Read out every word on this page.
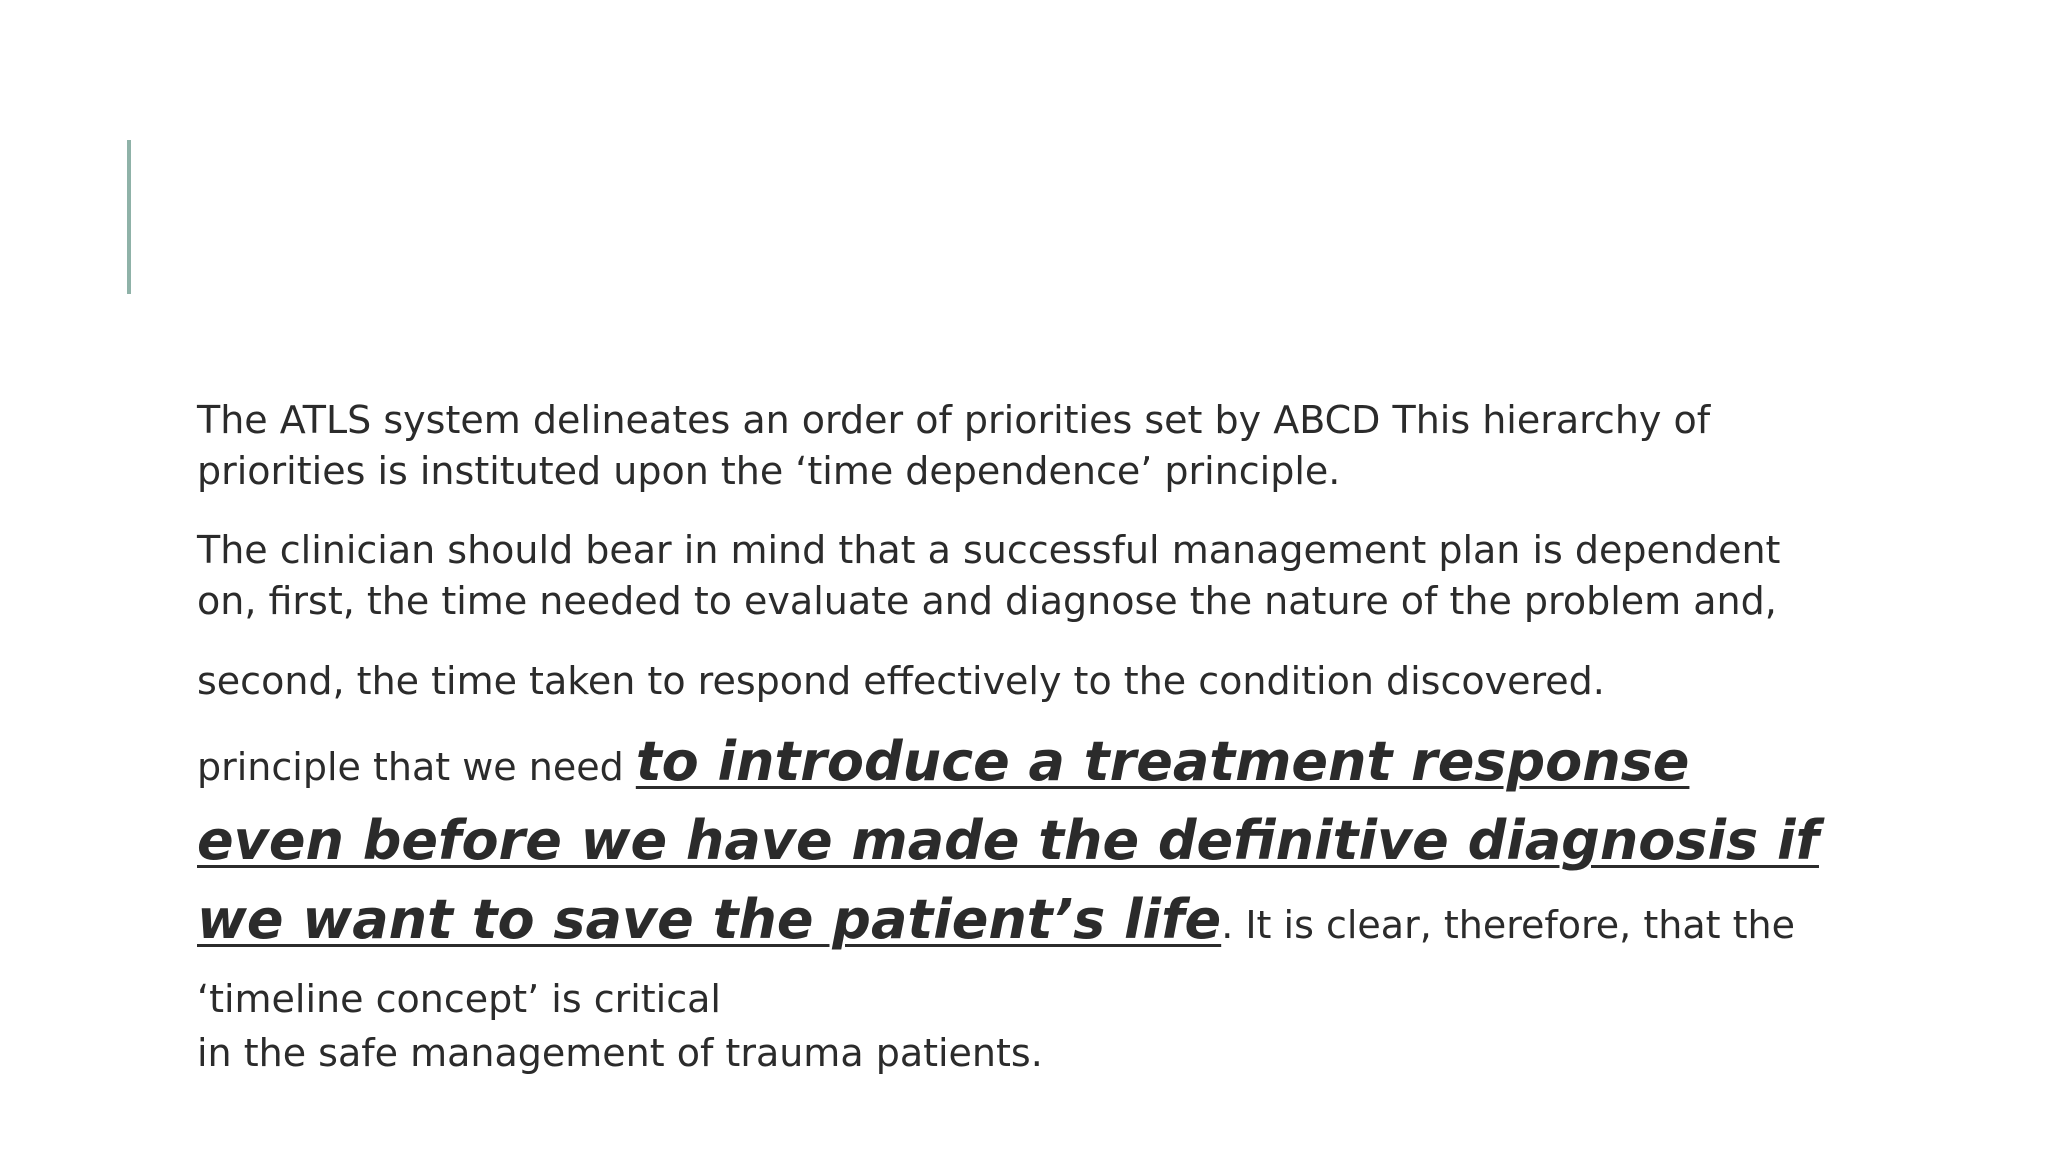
The ATLS system delineates an order of priorities set by ABCD This hierarchy of priorities is instituted upon the ‘time dependence’ principle.

The clinician should bear in mind that a successful management plan is dependent on, first, the time needed to evaluate and diagnose the nature of the problem and,

second, the time taken to respond effectively to the condition discovered.

principle that we need to introduce a treatment response even before we have made the definitive diagnosis if we want to save the patient’s life. It is clear, therefore, that the ‘timeline concept’ is critical
in the safe management of trauma patients.
